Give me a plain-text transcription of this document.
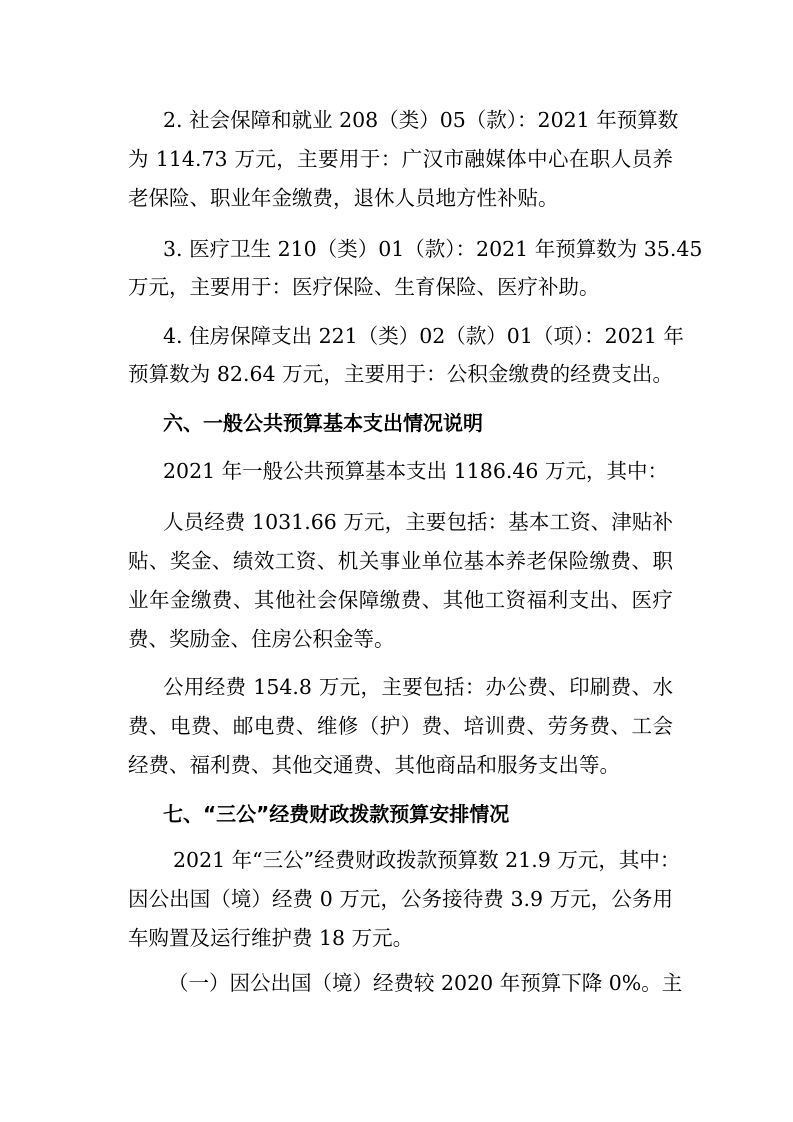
2. 社会保障和就业 208（类）05（款）：2021 年预算数
为 114.73 万元，主要用于：广汉市融媒体中心在职人员养
老保险、职业年金缴费，退休人员地方性补贴。
3. 医疗卫生 210（类）01（款）：2021 年预算数为 35.45
万元，主要用于：医疗保险、生育保险、医疗补助。
4. 住房保障支出 221（类）02（款）01（项）：2021 年
预算数为 82.64 万元，主要用于：公积金缴费的经费支出。
六、一般公共预算基本支出情况说明
2021 年一般公共预算基本支出 1186.46 万元，其中：
人员经费 1031.66 万元，主要包括：基本工资、津贴补
贴、奖金、绩效工资、机关事业单位基本养老保险缴费、职
业年金缴费、其他社会保障缴费、其他工资福利支出、医疗
费、奖励金、住房公积金等。
公用经费 154.8 万元，主要包括：办公费、印刷费、水
费、电费、邮电费、维修（护）费、培训费、劳务费、工会
经费、福利费、其他交通费、其他商品和服务支出等。
七、“三公”经费财政拨款预算安排情况
2021 年“三公”经费财政拨款预算数 21.9 万元，其中：
因公出国（境）经费 0 万元，公务接待费 3.9 万元，公务用
车购置及运行维护费 18 万元。
（一）因公出国（境）经费较 2020 年预算下降 0%。主
